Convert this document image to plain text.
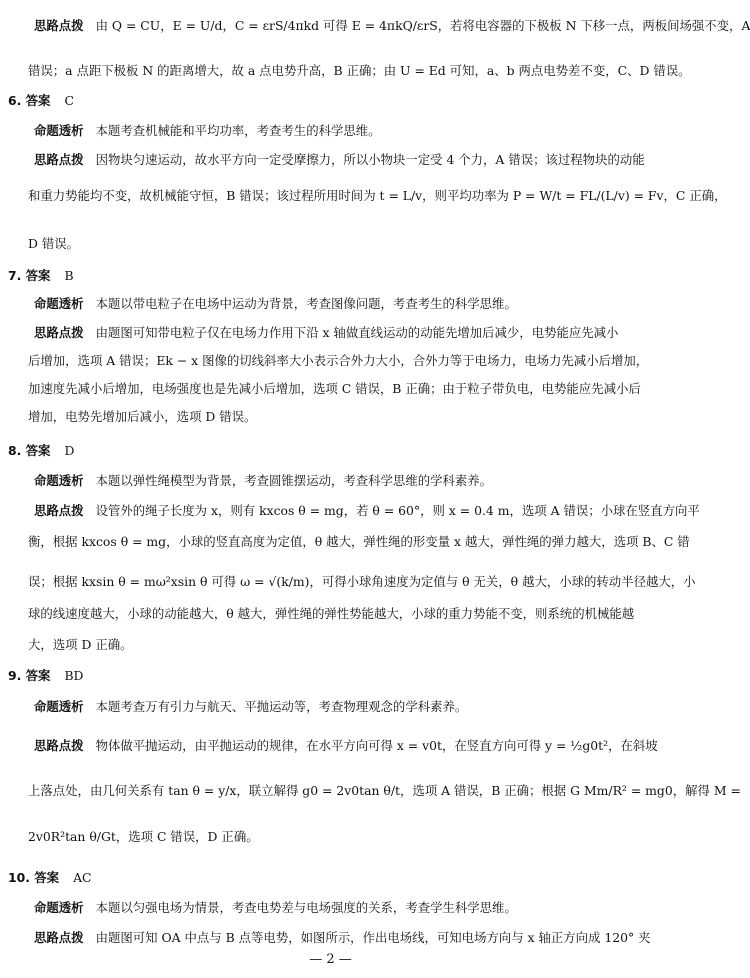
思路点拨 由 Q = CU，E = U/d，C = εrS/4πkd 可得 E = 4πkQ/εrS，若将电容器的下极板 N 下移一点，两板间场强不变，A
错误；a 点距下极板 N 的距离增大，故 a 点电势升高，B 正确；由 U = Ed 可知，a、b 两点电势差不变，C、D 错误。
6. 答案 C
命题透析 本题考查机械能和平均功率，考查考生的科学思维。
思路点拨 因物块匀速运动，故水平方向一定受摩擦力，所以小物块一定受 4 个力，A 错误；该过程物块的动能
和重力势能均不变，故机械能守恒，B 错误；该过程所用时间为 t = L/v，则平均功率为 P = W/t = FL/(L/v) = Fv，C 正确，
D 错误。
7. 答案 B
命题透析 本题以带电粒子在电场中运动为背景，考查图像问题，考查考生的科学思维。
思路点拨 由题图可知带电粒子仅在电场力作用下沿 x 轴做直线运动的动能先增加后减少，电势能应先减小
后增加，选项 A 错误；Ek − x 图像的切线斜率大小表示合外力大小，合外力等于电场力，电场力先减小后增加，
加速度先减小后增加，电场强度也是先减小后增加，选项 C 错误，B 正确；由于粒子带负电，电势能应先减小后
增加，电势先增加后减小，选项 D 错误。
8. 答案 D
命题透析 本题以弹性绳模型为背景，考查圆锥摆运动，考查科学思维的学科素养。
思路点拨 设管外的绳子长度为 x，则有 kxcos θ = mg，若 θ = 60°，则 x = 0.4 m，选项 A 错误；小球在竖直方向平
衡，根据 kxcos θ = mg，小球的竖直高度为定值，θ 越大，弹性绳的形变量 x 越大，弹性绳的弹力越大，选项 B、C 错
误；根据 kxsin θ = mω²xsin θ 可得 ω = √(k/m)，可得小球角速度为定值与 θ 无关，θ 越大，小球的转动半径越大，小
球的线速度越大，小球的动能越大，θ 越大，弹性绳的弹性势能越大，小球的重力势能不变，则系统的机械能越
大，选项 D 正确。
9. 答案 BD
命题透析 本题考查万有引力与航天、平抛运动等，考查物理观念的学科素养。
思路点拨 物体做平抛运动，由平抛运动的规律，在水平方向可得 x = v0t，在竖直方向可得 y = ½g0t²，在斜坡
上落点处，由几何关系有 tan θ = y/x，联立解得 g0 = 2v0tan θ/t，选项 A 错误，B 正确；根据 G Mm/R² = mg0，解得 M =
2v0R²tan θ/Gt，选项 C 错误，D 正确。
10. 答案 AC
命题透析 本题以匀强电场为情景，考查电势差与电场强度的关系，考查学生科学思维。
思路点拨 由题图可知 OA 中点与 B 点等电势，如图所示，作出电场线，可知电场方向与 x 轴正方向成 120° 夹
— 2 —
